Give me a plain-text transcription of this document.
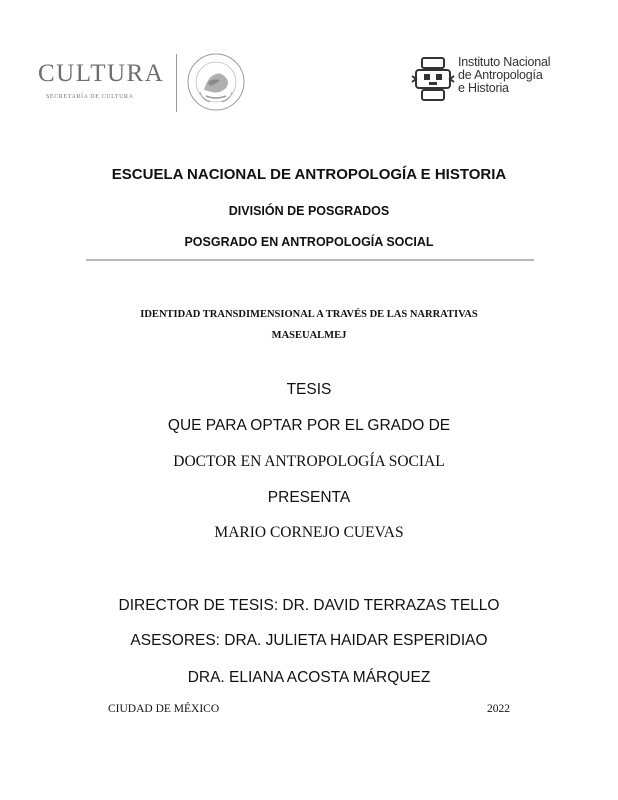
CULTURA
SECRETARÍA DE CULTURA
Instituto Nacional
de Antropología
e Historia
ESCUELA NACIONAL DE ANTROPOLOGÍA E HISTORIA
DIVISIÓN DE POSGRADOS
POSGRADO EN ANTROPOLOGÍA SOCIAL
IDENTIDAD TRANSDIMENSIONAL A TRAVÉS DE LAS NARRATIVAS
MASEUALMEJ
TESIS
QUE PARA OPTAR POR EL GRADO DE
DOCTOR EN ANTROPOLOGÍA SOCIAL
PRESENTA
MARIO CORNEJO CUEVAS
DIRECTOR DE TESIS: DR. DAVID TERRAZAS TELLO
ASESORES: DRA. JULIETA HAIDAR ESPERIDIAO
DRA. ELIANA ACOSTA MÁRQUEZ
CIUDAD DE MÉXICO	2022
